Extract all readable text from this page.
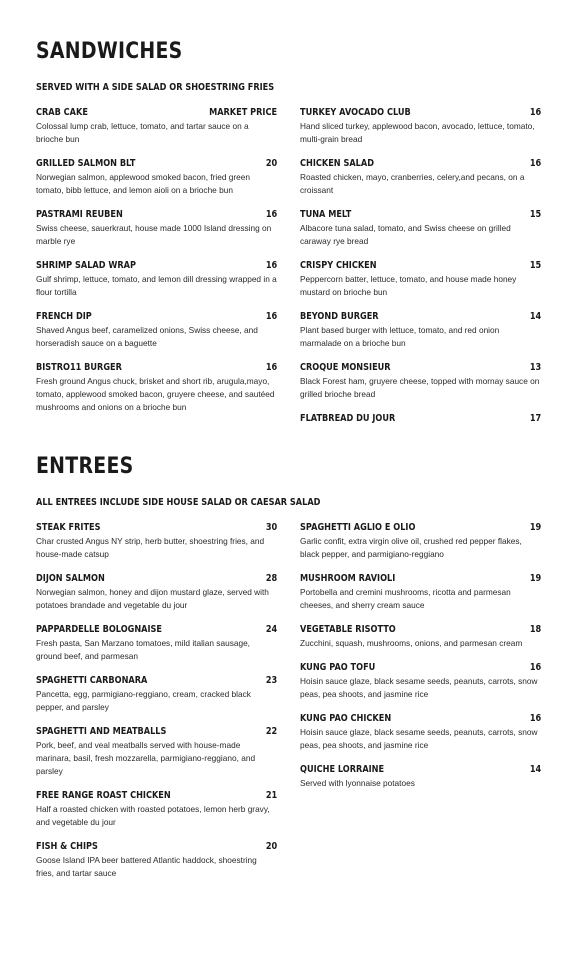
SANDWICHES
SERVED WITH A SIDE SALAD OR SHOESTRING FRIES
CRAB CAKE	MARKET PRICE
Colossal lump crab, lettuce, tomato, and tartar sauce on a brioche bun
GRILLED SALMON BLT	20
Norwegian salmon, applewood smoked bacon, fried green tomato, bibb lettuce, and lemon aioli on a brioche bun
PASTRAMI REUBEN	16
Swiss cheese, sauerkraut, house made 1000 Island dressing on marble rye
SHRIMP SALAD WRAP	16
Gulf shrimp, lettuce, tomato, and lemon dill dressing wrapped in a flour tortilla
FRENCH DIP	16
Shaved Angus beef, caramelized onions, Swiss cheese, and horseradish sauce on a baguette
BISTRO11 BURGER	16
Fresh ground Angus chuck, brisket and short rib, arugula,mayo, tomato, applewood smoked bacon, gruyere cheese, and sautéed mushrooms and onions on a brioche bun
TURKEY AVOCADO CLUB	16
Hand sliced turkey, applewood bacon, avocado, lettuce, tomato, multi-grain bread
CHICKEN SALAD	16
Roasted chicken, mayo, cranberries, celery,and pecans, on a croissant
TUNA MELT	15
Albacore tuna salad, tomato, and Swiss cheese on grilled caraway rye bread
CRISPY CHICKEN	15
Peppercorn batter, lettuce, tomato, and house made honey mustard on brioche bun
BEYOND BURGER	14
Plant based burger with lettuce, tomato, and red onion marmalade on a brioche bun
CROQUE MONSIEUR	13
Black Forest ham, gruyere cheese, topped with mornay sauce on grilled brioche bread
FLATBREAD DU JOUR	17
ENTREES
ALL ENTREES INCLUDE SIDE HOUSE SALAD OR CAESAR SALAD
STEAK FRITES	30
Char crusted Angus NY strip, herb butter, shoestring fries, and house-made catsup
DIJON SALMON	28
Norwegian salmon, honey and dijon mustard glaze, served with potatoes brandade and vegetable du jour
PAPPARDELLE BOLOGNAISE	24
Fresh pasta, San Marzano tomatoes, mild italian sausage, ground beef, and parmesan
SPAGHETTI CARBONARA	23
Pancetta, egg, parmigiano-reggiano, cream, cracked black pepper, and parsley
SPAGHETTI AND MEATBALLS	22
Pork, beef, and veal meatballs served with house-made marinara, basil, fresh mozzarella, parmigiano-reggiano, and parsley
FREE RANGE ROAST CHICKEN	21
Half a roasted chicken with roasted potatoes, lemon herb gravy, and vegetable du jour
FISH & CHIPS	20
Goose Island IPA beer battered Atlantic haddock, shoestring fries, and tartar sauce
SPAGHETTI AGLIO E OLIO	19
Garlic confit, extra virgin olive oil, crushed red pepper flakes, black pepper, and parmigiano-reggiano
MUSHROOM RAVIOLI	19
Portobella and cremini mushrooms, ricotta and parmesan cheeses, and sherry cream sauce
VEGETABLE RISOTTO	18
Zucchini, squash, mushrooms, onions, and parmesan cream
KUNG PAO TOFU	16
Hoisin sauce glaze, black sesame seeds, peanuts, carrots, snow peas, pea shoots, and jasmine rice
KUNG PAO CHICKEN	16
Hoisin sauce glaze, black sesame seeds, peanuts, carrots, snow peas, pea shoots, and jasmine rice
QUICHE LORRAINE	14
Served with lyonnaise potatoes
